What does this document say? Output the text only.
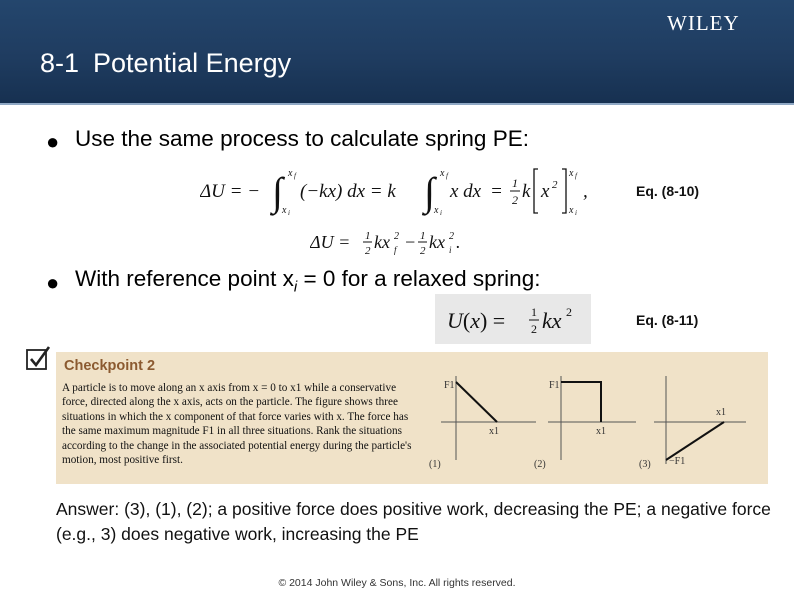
WILEY
8-1 Potential Energy
● Use the same process to calculate spring PE:
ΔU = − ∫ x f
x i
(−kx) dx = k ∫ x f
x i
x dx = 1
2 k x 2
x f
x i
,	Eq. (8-10)
ΔU = 1
2 kx 2
f − 1
2 kx 2
i .
● With reference point $x_i = 0$ for a relaxed spring:
U(x) = 1
2 kx 2	Eq. (8-11)
Checkpoint 2
A particle is to move along an x axis from x = 0 to x1 while a conservative force, directed along the x axis, acts on the particle. The figure shows three situations in which the x component of that force varies with x. The force has the same maximum magnitude F1 in all three situations. Rank the situations according to the change in the associated potential energy during the particle's motion, most positive first.
F1
x1
(1)
F1
x1
(2)
x1
−F1
(3)
Answer: (3), (1), (2); a positive force does positive work, decreasing the PE; a negative force (e.g., 3) does negative work, increasing the PE
© 2014 John Wiley & Sons, Inc. All rights reserved.
